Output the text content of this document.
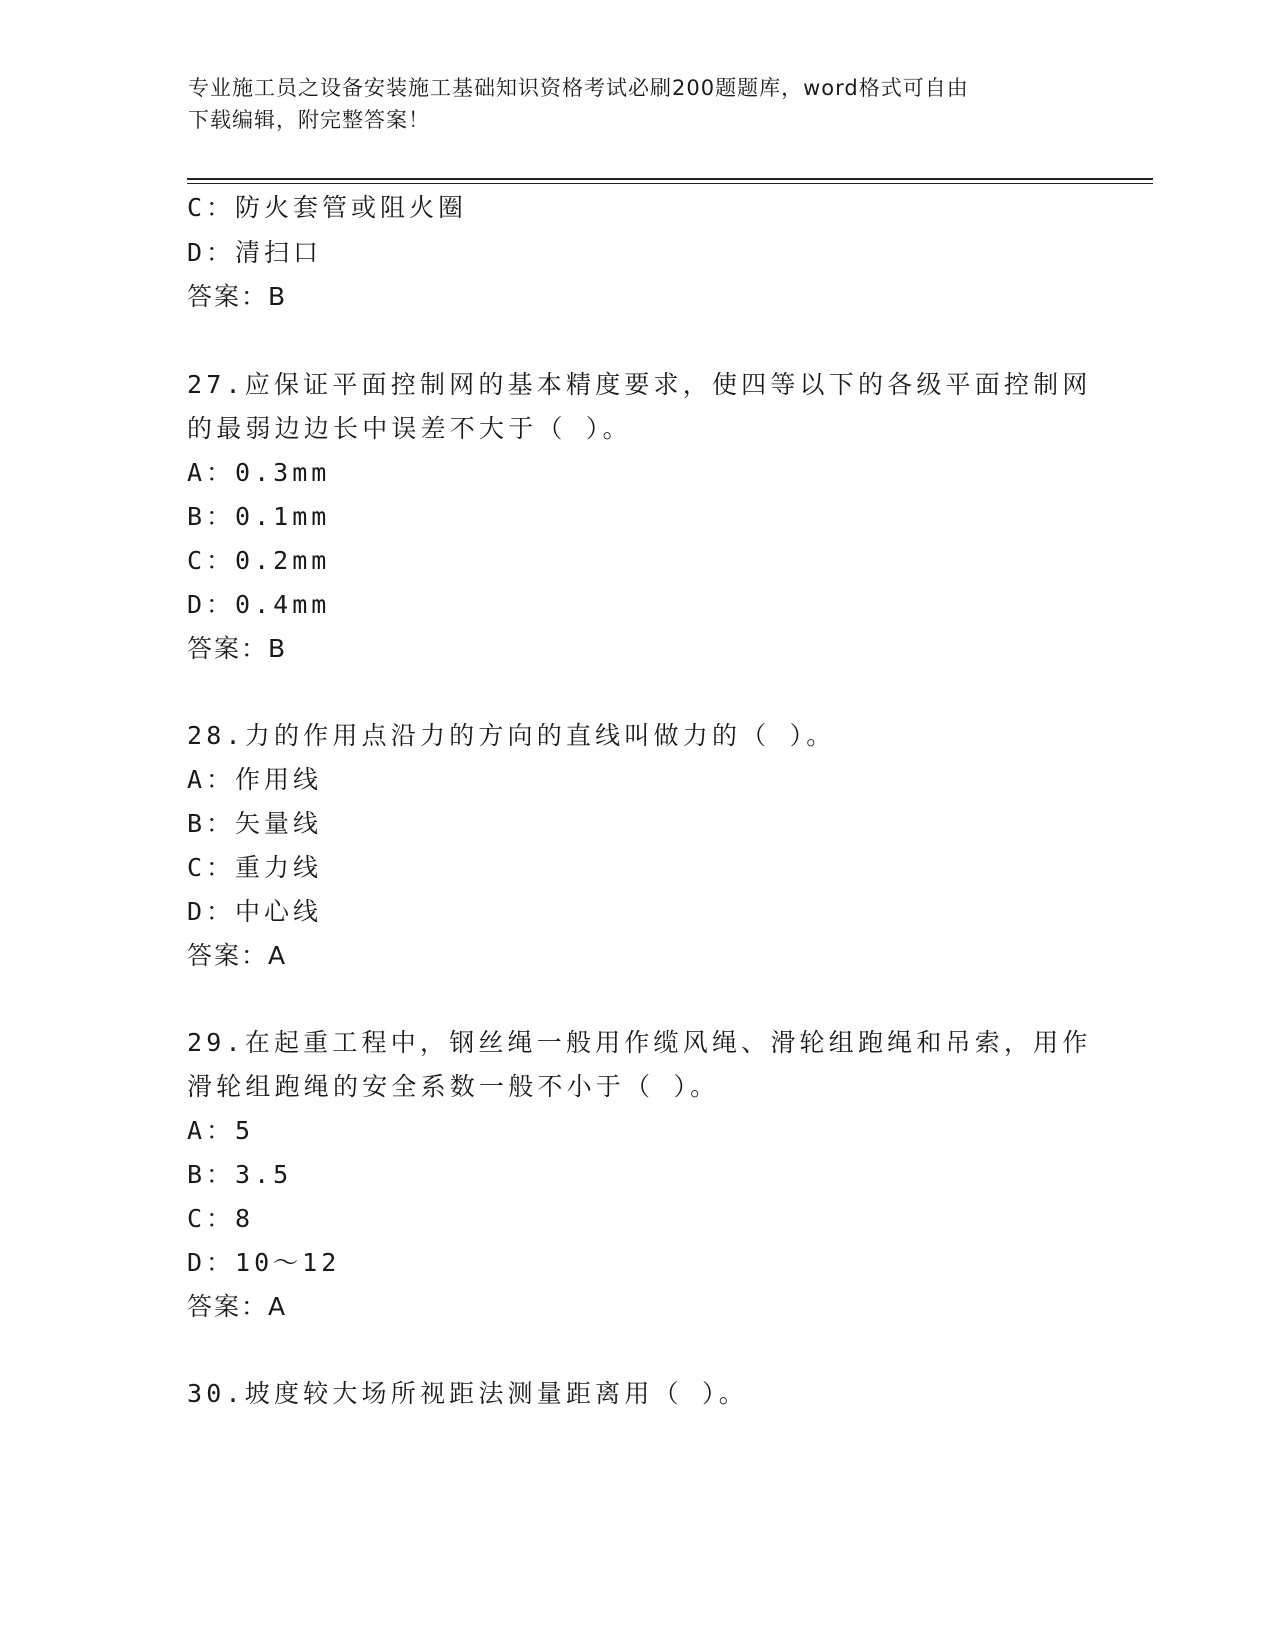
专业施工员之设备安装施工基础知识资格考试必刷200题题库，word格式可自由
下载编辑，附完整答案！
C：防火套管或阻火圈
D：清扫口
答案：B
27.应保证平面控制网的基本精度要求，使四等以下的各级平面控制网
的最弱边边长中误差不大于（ ）。
A：0.3mm
B：0.1mm
C：0.2mm
D：0.4mm
答案：B
28.力的作用点沿力的方向的直线叫做力的（ ）。
A：作用线
B：矢量线
C：重力线
D：中心线
答案：A
29.在起重工程中，钢丝绳一般用作缆风绳、滑轮组跑绳和吊索，用作
滑轮组跑绳的安全系数一般不小于（ ）。
A：5
B：3.5
C：8
D：10～12
答案：A
30.坡度较大场所视距法测量距离用（ ）。
